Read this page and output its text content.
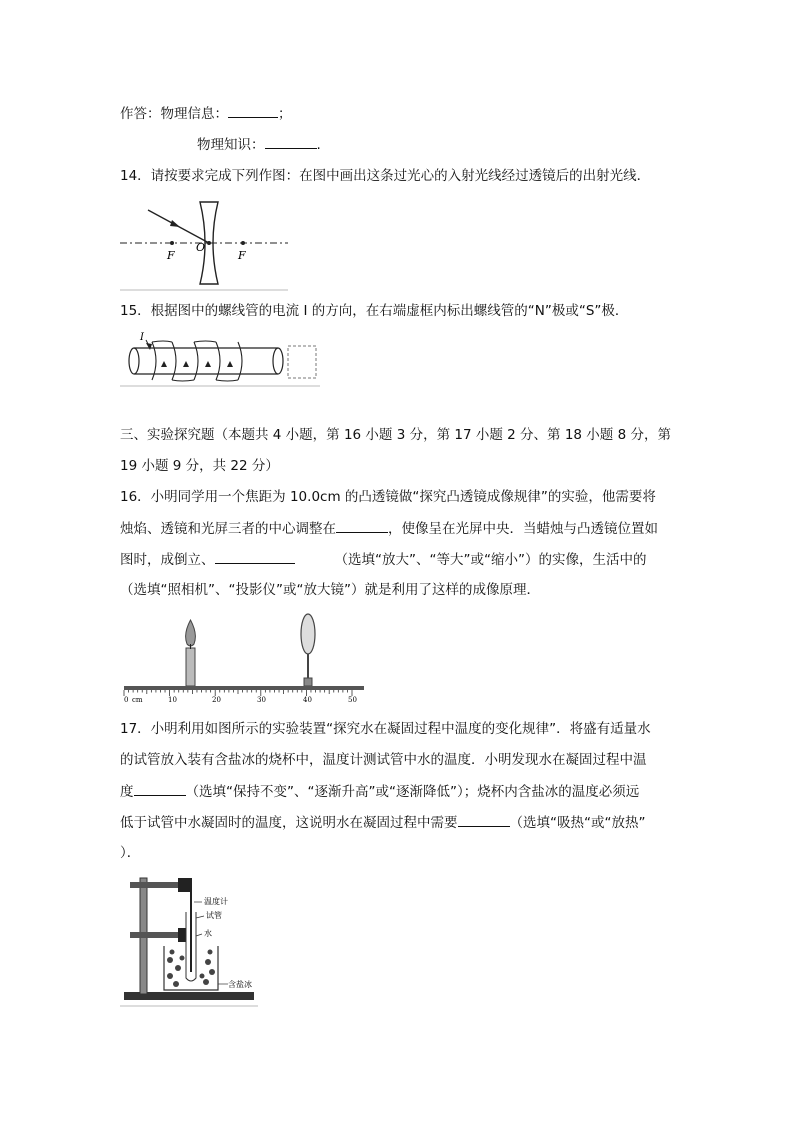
作答：物理信息：	；
物理知识：	.
14．请按要求完成下列作图：在图中画出这条过光心的入射光线经过透镜后的出射光线．
F
O
F
15．根据图中的螺线管的电流 I 的方向，在右端虚框内标出螺线管的“N”极或“S”极．
I
三、实验探究题（本题共 4 小题，第 16 小题 3 分，第 17 小题 2 分、第 18 小题 8 分，第
19 小题 9 分，共 22 分）
16．小明同学用一个焦距为 10.0cm 的凸透镜做“探究凸透镜成像规律”的实验，他需要将
烛焰、透镜和光屏三者的中心调整在	，使像呈在光屏中央．当蜡烛与凸透镜位置如
图时，成倒立、	（选填“放大”、“等大”或“缩小”）的实像，生活中的
（选填“照相机”、“投影仪”或“放大镜”）就是利用了这样的成像原理．
0 cm	10	20	30	40	50
17．小明利用如图所示的实验装置“探究水在凝固过程中温度的变化规律”．将盛有适量水
的试管放入装有含盐冰的烧杯中，温度计测试管中水的温度．小明发现水在凝固过程中温
度	（选填“保持不变”、“逐渐升高”或“逐渐降低”）；烧杯内含盐冰的温度必须远
低于试管中水凝固时的温度，这说明水在凝固过程中需要	（选填“吸热“或“放热”
）．
温度计
试管
水
含盐冰
